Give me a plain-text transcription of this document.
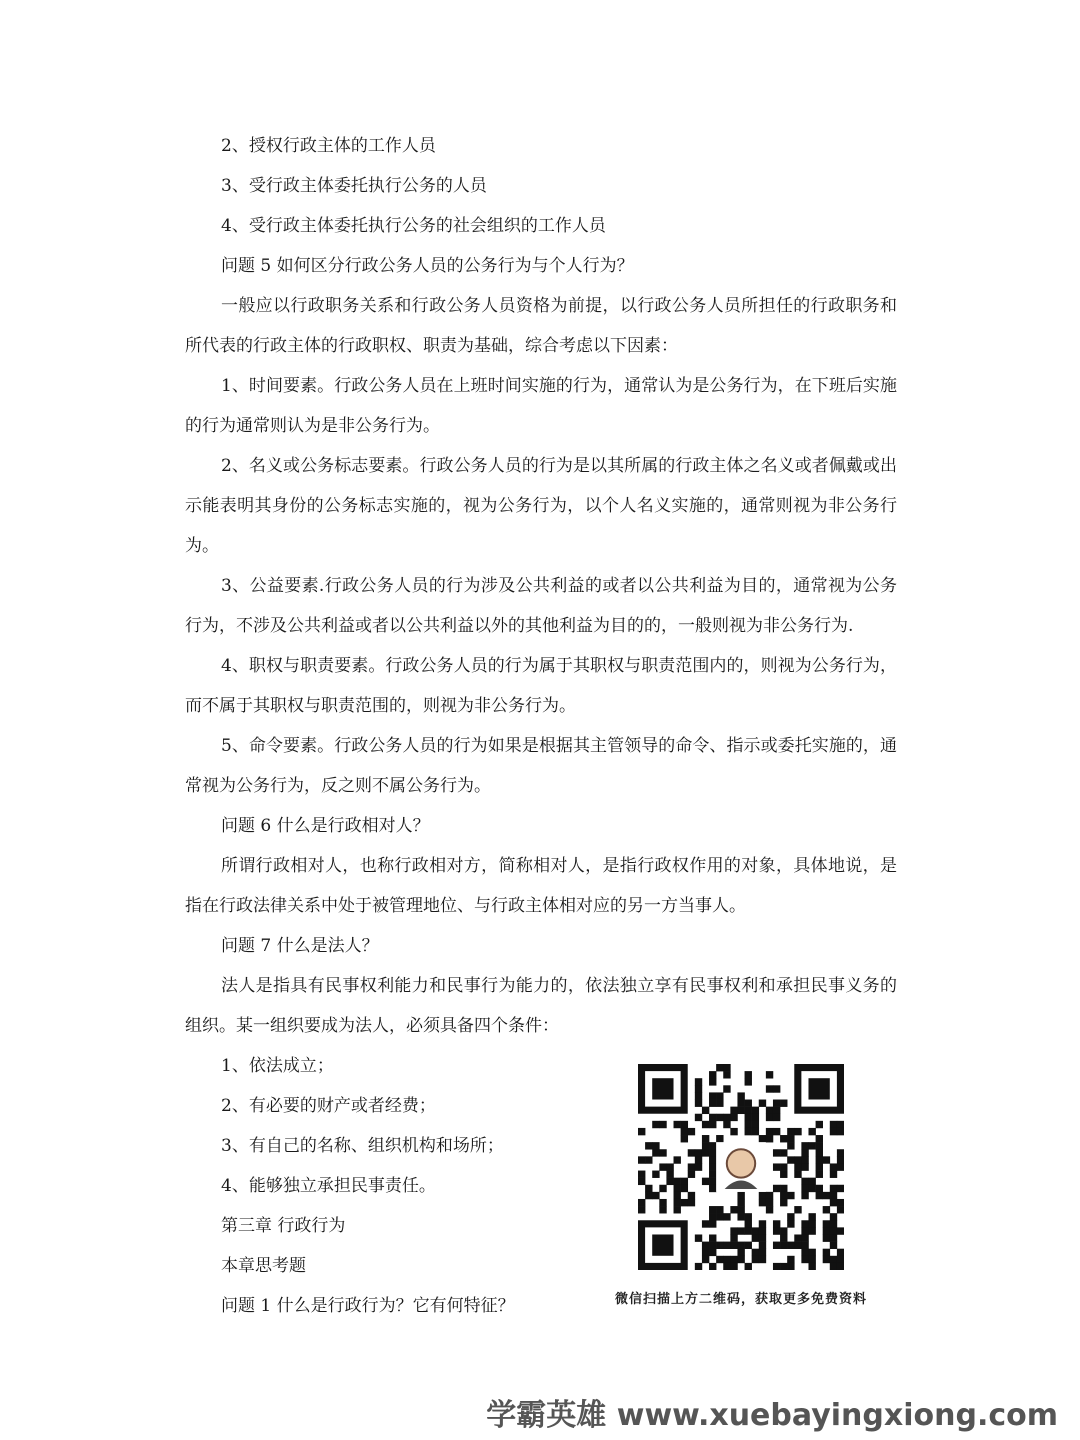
2、授权行政主体的工作人员

3、受行政主体委托执行公务的人员

4、受行政主体委托执行公务的社会组织的工作人员

问题 5 如何区分行政公务人员的公务行为与个人行为？

一般应以行政职务关系和行政公务人员资格为前提，以行政公务人员所担任的行政职务和所代表的行政主体的行政职权、职责为基础，综合考虑以下因素：

1、时间要素。行政公务人员在上班时间实施的行为，通常认为是公务行为，在下班后实施的行为通常则认为是非公务行为。

2、名义或公务标志要素。行政公务人员的行为是以其所属的行政主体之名义或者佩戴或出示能表明其身份的公务标志实施的，视为公务行为，以个人名义实施的，通常则视为非公务行为。

3、公益要素.行政公务人员的行为涉及公共利益的或者以公共利益为目的，通常视为公务行为，不涉及公共利益或者以公共利益以外的其他利益为目的的，一般则视为非公务行为.

4、职权与职责要素。行政公务人员的行为属于其职权与职责范围内的，则视为公务行为，而不属于其职权与职责范围的，则视为非公务行为。

5、命令要素。行政公务人员的行为如果是根据其主管领导的命令、指示或委托实施的，通常视为公务行为，反之则不属公务行为。

问题 6 什么是行政相对人？

所谓行政相对人，也称行政相对方，简称相对人，是指行政权作用的对象，具体地说，是指在行政法律关系中处于被管理地位、与行政主体相对应的另一方当事人。

问题 7 什么是法人？

法人是指具有民事权利能力和民事行为能力的，依法独立享有民事权利和承担民事义务的组织。某一组织要成为法人，必须具备四个条件：

1、依法成立；

2、有必要的财产或者经费；

3、有自己的名称、组织机构和场所；

4、能够独立承担民事责任。

第三章 行政行为

本章思考题

问题 1 什么是行政行为？它有何特征？	微信扫描上方二维码，获取更多免费资料
学霸英雄 www.xuebayingxiong.com
